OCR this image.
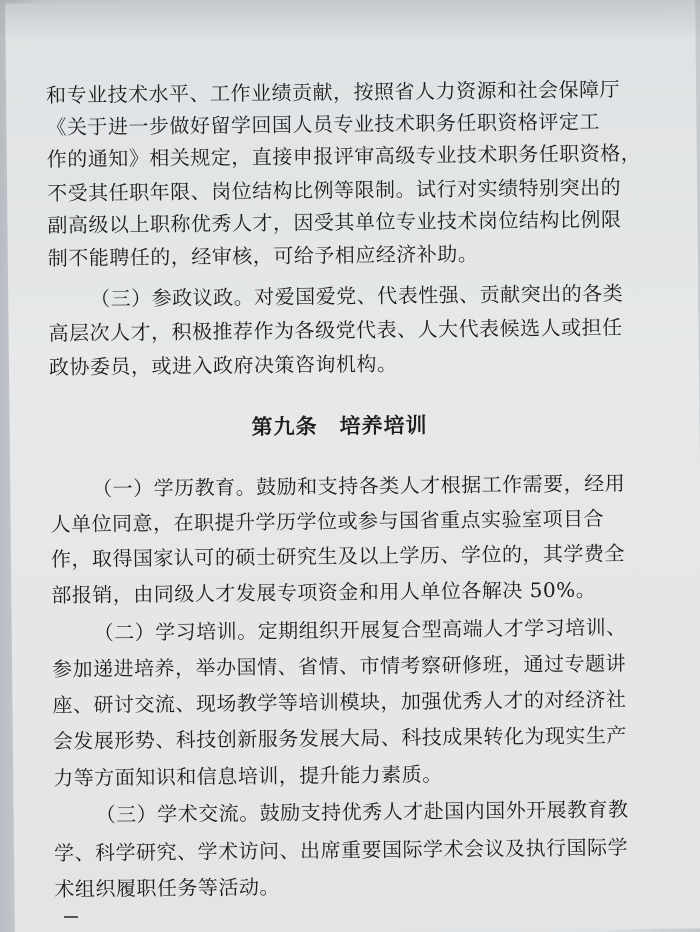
和专业技术水平、工作业绩贡献，按照省人力资源和社会保障厅
《关于进一步做好留学回国人员专业技术职务任职资格评定工
作的通知》相关规定，直接申报评审高级专业技术职务任职资格，
不受其任职年限、岗位结构比例等限制。试行对实绩特别突出的
副高级以上职称优秀人才，因受其单位专业技术岗位结构比例限
制不能聘任的，经审核，可给予相应经济补助。
（三）参政议政。对爱国爱党、代表性强、贡献突出的各类
高层次人才，积极推荐作为各级党代表、人大代表候选人或担任
政协委员，或进入政府决策咨询机构。
第九条　培养培训
（一）学历教育。鼓励和支持各类人才根据工作需要，经用
人单位同意，在职提升学历学位或参与国省重点实验室项目合
作，取得国家认可的硕士研究生及以上学历、学位的，其学费全
部报销，由同级人才发展专项资金和用人单位各解决 50%。
（二）学习培训。定期组织开展复合型高端人才学习培训、
参加递进培养，举办国情、省情、市情考察研修班，通过专题讲
座、研讨交流、现场教学等培训模块，加强优秀人才的对经济社
会发展形势、科技创新服务发展大局、科技成果转化为现实生产
力等方面知识和信息培训，提升能力素质。
（三）学术交流。鼓励支持优秀人才赴国内国外开展教育教
学、科学研究、学术访问、出席重要国际学术会议及执行国际学
术组织履职任务等活动。
